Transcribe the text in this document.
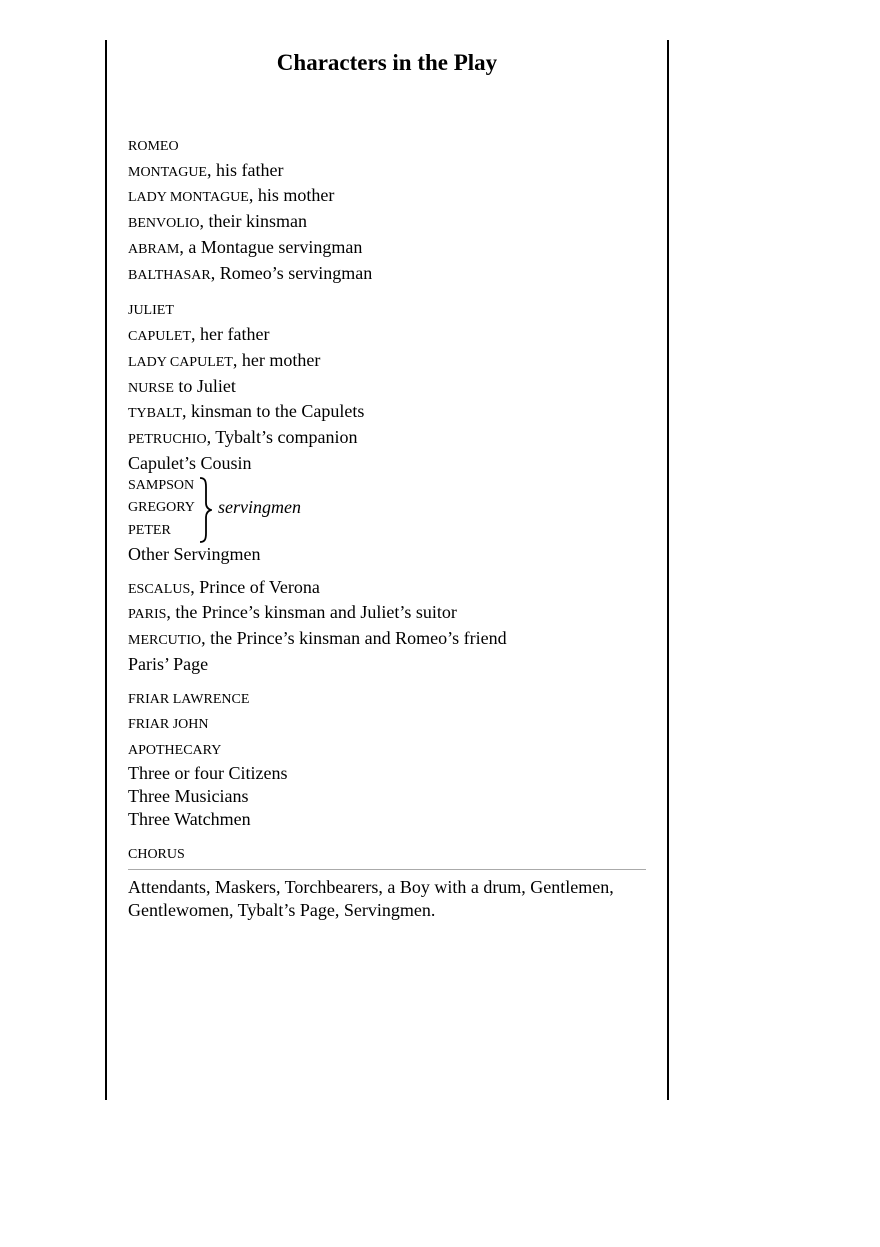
Characters in the Play
ROMEO
MONTAGUE, his father
LADY MONTAGUE, his mother
BENVOLIO, their kinsman
ABRAM, a Montague servingman
BALTHASAR, Romeo’s servingman
JULIET
CAPULET, her father
LADY CAPULET, her mother
NURSE to Juliet
TYBALT, kinsman to the Capulets
PETRUCHIO, Tybalt’s companion
Capulet’s Cousin
SAMPSON
GREGORY
PETER
servingmen
Other Servingmen
ESCALUS, Prince of Verona
PARIS, the Prince’s kinsman and Juliet’s suitor
MERCUTIO, the Prince’s kinsman and Romeo’s friend
Paris’ Page
FRIAR LAWRENCE
FRIAR JOHN
APOTHECARY
Three or four Citizens
Three Musicians
Three Watchmen
CHORUS
Attendants, Maskers, Torchbearers, a Boy with a drum, Gentlemen,
Gentlewomen, Tybalt’s Page, Servingmen.
